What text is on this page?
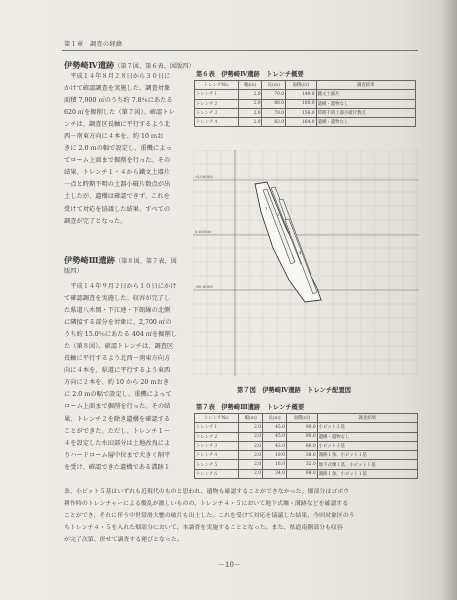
第１章　調査の経緯
伊勢崎Ⅳ遺跡（第７図、第６表、図版四）
　平成１４年８月２８日から３０日に
かけて確認調査を実施した。調査対象
面積 7,900 ㎡のうち約 7.8％にあたる
620 ㎡を掘削した（第７図）。確認トレ
ンチは、調査区長軸に平行するよう北
西－南東方向に４本を、約 10 ｍお
きに 2.0 ｍの幅で設定し、重機によっ
てローム上面まで掘削を行った。その
結果、トレンチ１・４から鐵文土器片
一点と時期不明の土器小破片数点が出
土したが、遺構は確認できず、これを
受けて対応を協議した結果、すべての
調査が完了となった。
伊勢崎Ⅲ遺跡（第８図、第７表、図
版四）
　平成１４年９月２日から１０日にかけ
て確認調査を実施した。収容が完了し
た県道八木岡・下江連・下館線の北側
に隣接する部分を対象に、2,700 ㎡の
うち約 15.0％にあたる 404 ㎡を掘削し
た（第８図）。確認トレンチは、調査区
長軸に平行するよう北西－南東方向方
向に４本を、県道に平行するよう東西
方向に２本を、約 10 から 20 ｍおき
に 2.0 ｍの幅で設定し、重機によって
ローム上面まで掘削を行った。その結
果、トレンチ２を除き遺構を確認する
ことができた。ただし、トレンチ１～
４を設定した水田部分は土地改良によ
りハードローム層中位まで大きく削平
を受け、確認できた遺構である溝跡１
条、小ピット５基はいずれも近現代のものと思われ、遺物も確認することができなかった。畑部分はゴボウ
耕作時のトレンチャーによる攪乱が激しいものの、トレンチ４・５において地下式壙・溝跡などを確認する
ことができ、それに伴う中世常滑大甕の破片も出土した。これを受けて対応を協議した結果、今回対象区のう
ちトレンチ４・５を入れた畑部分において、本調査を実施することとなった。また、県道南側部分も収容
が完了次第、併せて調査する運びとなった。
第６表　伊勢崎Ⅳ遺跡　トレンチ概要
トレンチNo.	幅(ｍ)	長(ｍ)	面積(㎡)	調査結果
トレンチ１	2.0	70.0	140.0	鐵文土器片
トレンチ２	2.0	80.0	160.0	遺構・遺物なし
トレンチ３	2.0	78.0	156.0	時期不明土器小破片数点
トレンチ４	2.0	82.0	164.0	遺構・遺物なし
-0.00000
0.00000
-60.0000
1
2
3
4
第７図　伊勢崎Ⅳ遺跡　トレンチ配置図
第７表　伊勢崎Ⅲ遺跡　トレンチ概要
トレンチNo.	幅(ｍ)	長(ｍ)	面積(㎡)	調査結果
トレンチ１	2.0	45.0	90.0	小ピット２基
トレンチ２	2.0	45.0	90.0	遺構・遺物なし
トレンチ３	2.0	43.0	86.0	小ピット２基
トレンチ４	2.0	19.0	38.0	溝跡１条、小ピット１基
トレンチ５	2.0	16.0	32.0	地下式壙１基、小ピット１基
トレンチ６	2.0	34.0	68.0	溝跡１条、小ピット１基
－10－
